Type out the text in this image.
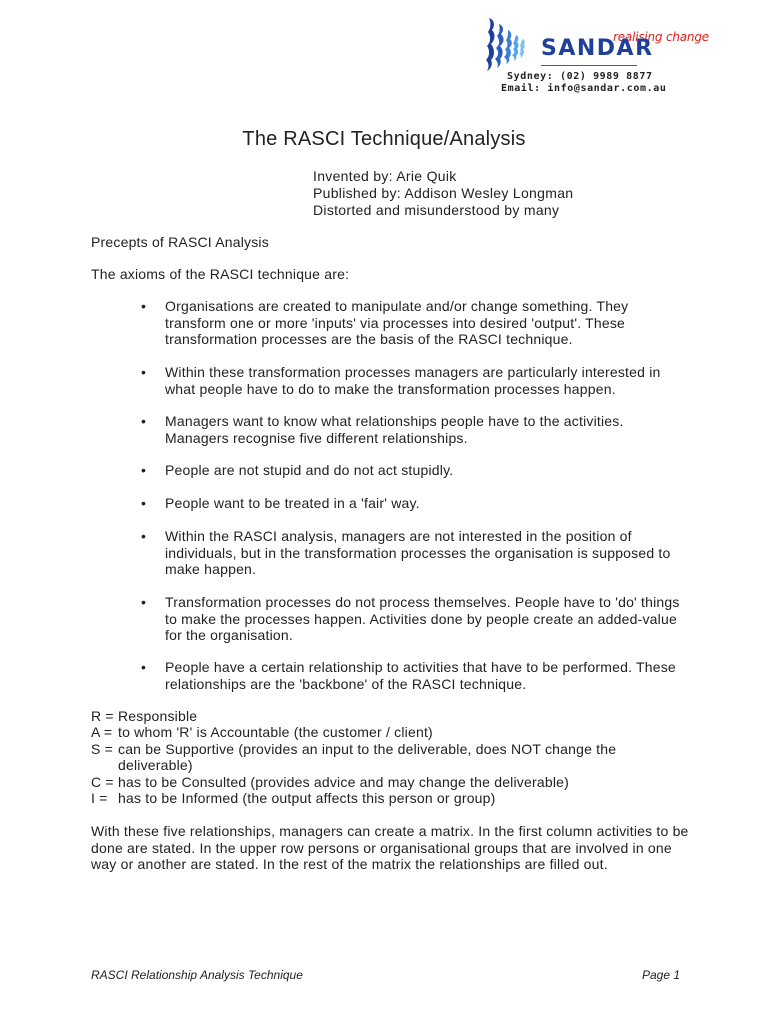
realising change
SANDAR
Sydney: (02) 9989 8877
Email: info@sandar.com.au
The RASCI Technique/Analysis
Invented by: Arie Quik
Published by: Addison Wesley Longman
Distorted and misunderstood by many
Precepts of RASCI Analysis
The axioms of the RASCI technique are:
• Organisations are created to manipulate and/or change something. They transform one or more 'inputs' via processes into desired 'output'. These transformation processes are the basis of the RASCI technique.
• Within these transformation processes managers are particularly interested in what people have to do to make the transformation processes happen.
• Managers want to know what relationships people have to the activities. Managers recognise five different relationships.
• People are not stupid and do not act stupidly.
• People want to be treated in a 'fair' way.
• Within the RASCI analysis, managers are not interested in the position of individuals, but in the transformation processes the organisation is supposed to make happen.
• Transformation processes do not process themselves. People have to 'do' things to make the processes happen. Activities done by people create an added-value for the organisation.
• People have a certain relationship to activities that have to be performed. These relationships are the 'backbone' of the RASCI technique.
R = Responsible
A = to whom 'R' is Accountable (the customer / client)
S = can be Supportive (provides an input to the deliverable, does NOT change the deliverable)
C = has to be Consulted (provides advice and may change the deliverable)
I = has to be Informed (the output affects this person or group)
With these five relationships, managers can create a matrix. In the first column activities to be done are stated. In the upper row persons or organisational groups that are involved in one way or another are stated. In the rest of the matrix the relationships are filled out.
RASCI Relationship Analysis Technique	Page 1
